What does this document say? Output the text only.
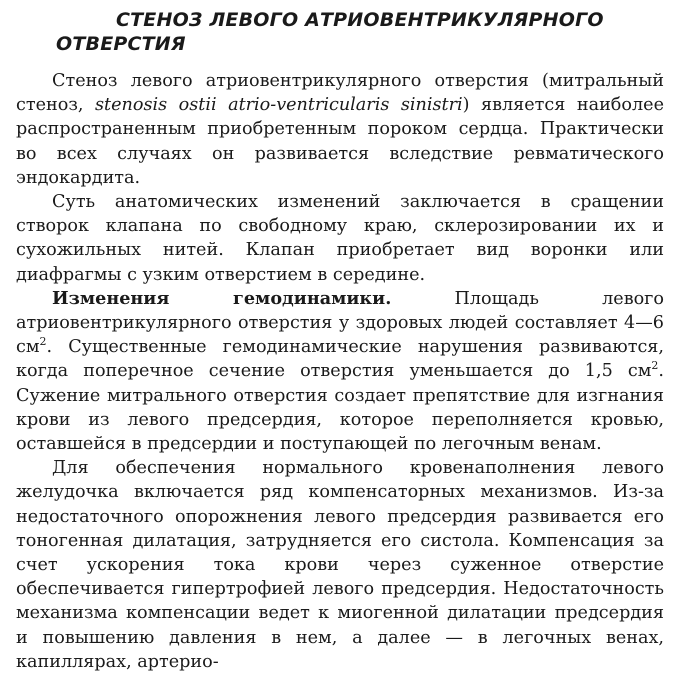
СТЕНОЗ ЛЕВОГО АТРИОВЕНТРИКУЛЯРНОГО
ОТВЕРСТИЯ

Стеноз левого атриовентрикулярного отверстия (митральный стеноз, stenosis ostii atrio-ventricularis sinistri) является наиболее распространенным приобретенным пороком сердца. Практически во всех случаях он развивается вследствие ревматического эндокардита.

Суть анатомических изменений заключается в сращении створок клапана по свободному краю, склерозировании их и сухожильных нитей. Клапан приобретает вид воронки или диафрагмы с узким отверстием в середине.

Изменения гемодинамики. Площадь левого атриовентрикулярного отверстия у здоровых людей составляет 4—6 $см^2$. Существенные гемодинамические нарушения развиваются, когда поперечное сечение отверстия уменьшается до 1,5 $см^2$. Сужение митрального отверстия создает препятствие для изгнания крови из левого предсердия, которое переполняется кровью, оставшейся в предсердии и поступающей по легочным венам.

Для обеспечения нормального кровенаполнения левого желудочка включается ряд компенсаторных механизмов. Из-за недостаточного опорожнения левого предсердия развивается его тоногенная дилатация, затрудняется его систола. Компенсация за счет ускорения тока крови через суженное отверстие обеспечивается гипертрофией левого предсердия. Недостаточность механизма компенсации ведет к миогенной дилатации предсердия и повышению давления в нем, а далее — в легочных венах, капиллярах, артерио-
